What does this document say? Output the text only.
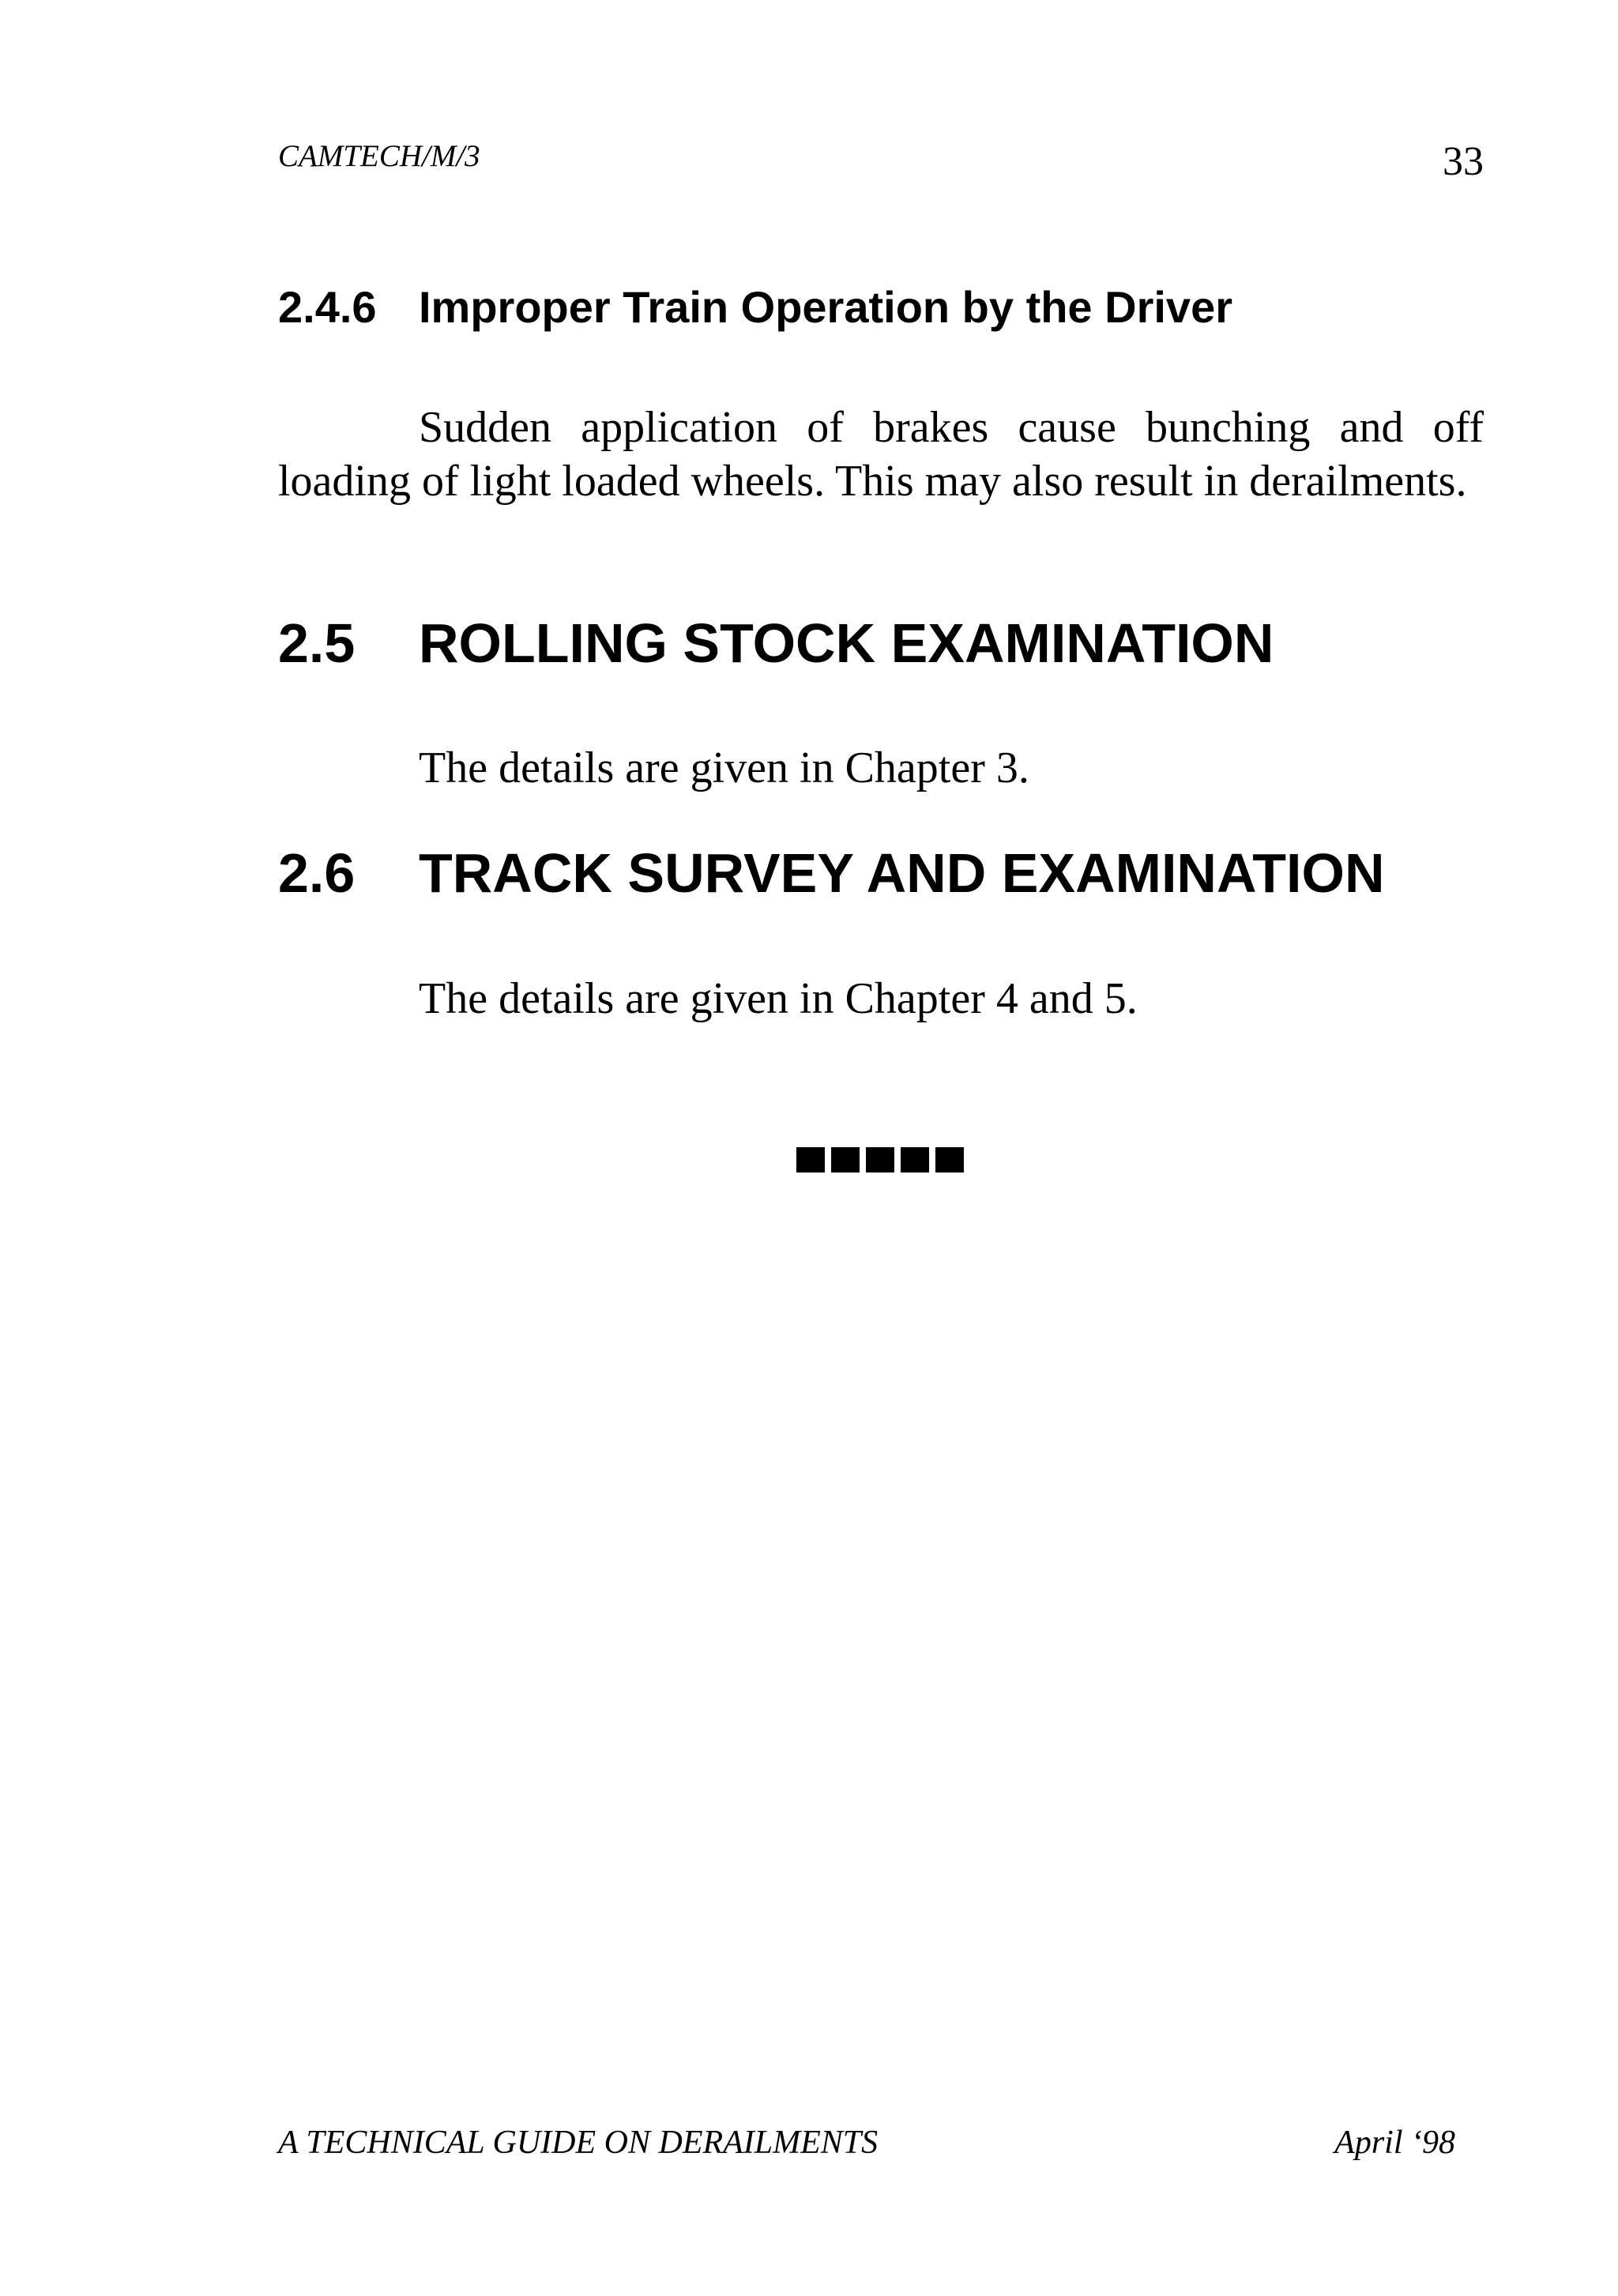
CAMTECH/M/3	33
2.4.6 Improper Train Operation by the Driver
Sudden application of brakes cause bunching and off loading of light loaded wheels. This may also result in derailments.
2.5 ROLLING STOCK EXAMINATION
The details are given in Chapter 3.
2.6 TRACK SURVEY AND EXAMINATION
The details are given in Chapter 4 and 5.
A TECHNICAL GUIDE ON DERAILMENTS	April ‘98
